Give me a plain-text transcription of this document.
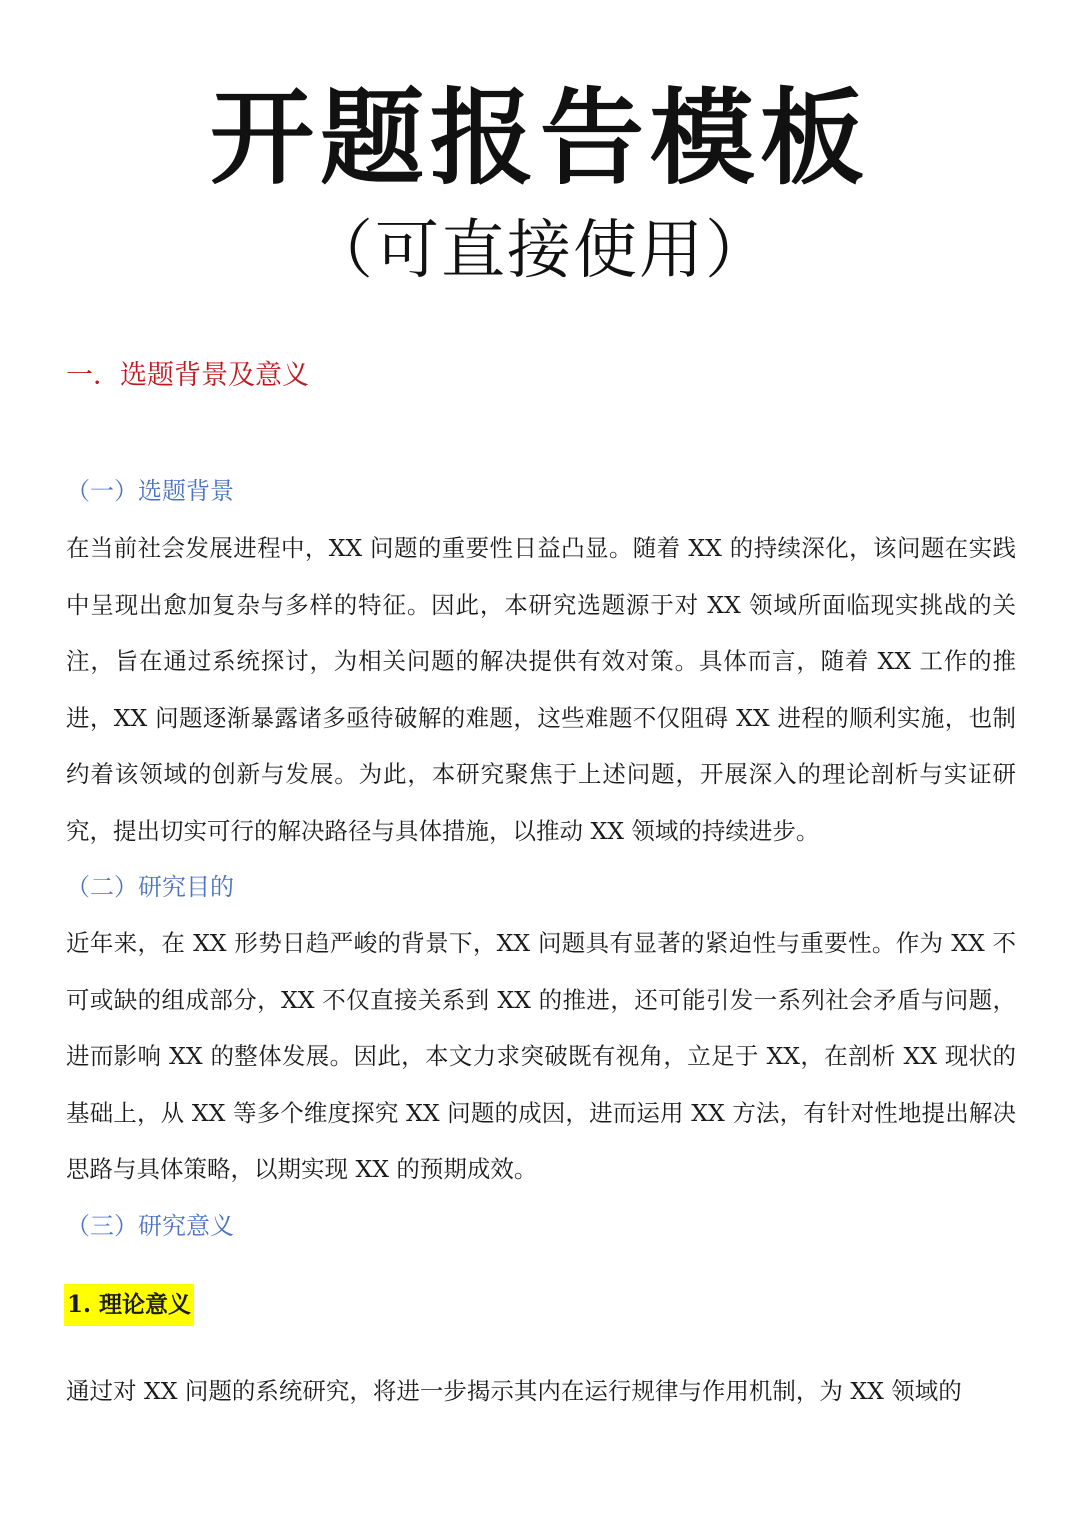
开题报告模板
（可直接使用）
一．选题背景及意义
（一）选题背景
在当前社会发展进程中，XX 问题的重要性日益凸显。随着 XX 的持续深化，该问题在实践中呈现出愈加复杂与多样的特征。因此，本研究选题源于对 XX 领域所面临现实挑战的关注，旨在通过系统探讨，为相关问题的解决提供有效对策。具体而言，随着 XX 工作的推进，XX 问题逐渐暴露诸多亟待破解的难题，这些难题不仅阻碍 XX 进程的顺利实施，也制约着该领域的创新与发展。为此，本研究聚焦于上述问题，开展深入的理论剖析与实证研究，提出切实可行的解决路径与具体措施，以推动 XX 领域的持续进步。
（二）研究目的
近年来，在 XX 形势日趋严峻的背景下，XX 问题具有显著的紧迫性与重要性。作为 XX 不可或缺的组成部分，XX 不仅直接关系到 XX 的推进，还可能引发一系列社会矛盾与问题，进而影响 XX 的整体发展。因此，本文力求突破既有视角，立足于 XX，在剖析 XX 现状的基础上，从 XX 等多个维度探究 XX 问题的成因，进而运用 XX 方法，有针对性地提出解决思路与具体策略，以期实现 XX 的预期成效。
（三）研究意义
1. 理论意义
通过对 XX 问题的系统研究，将进一步揭示其内在运行规律与作用机制，为 XX 领域的
